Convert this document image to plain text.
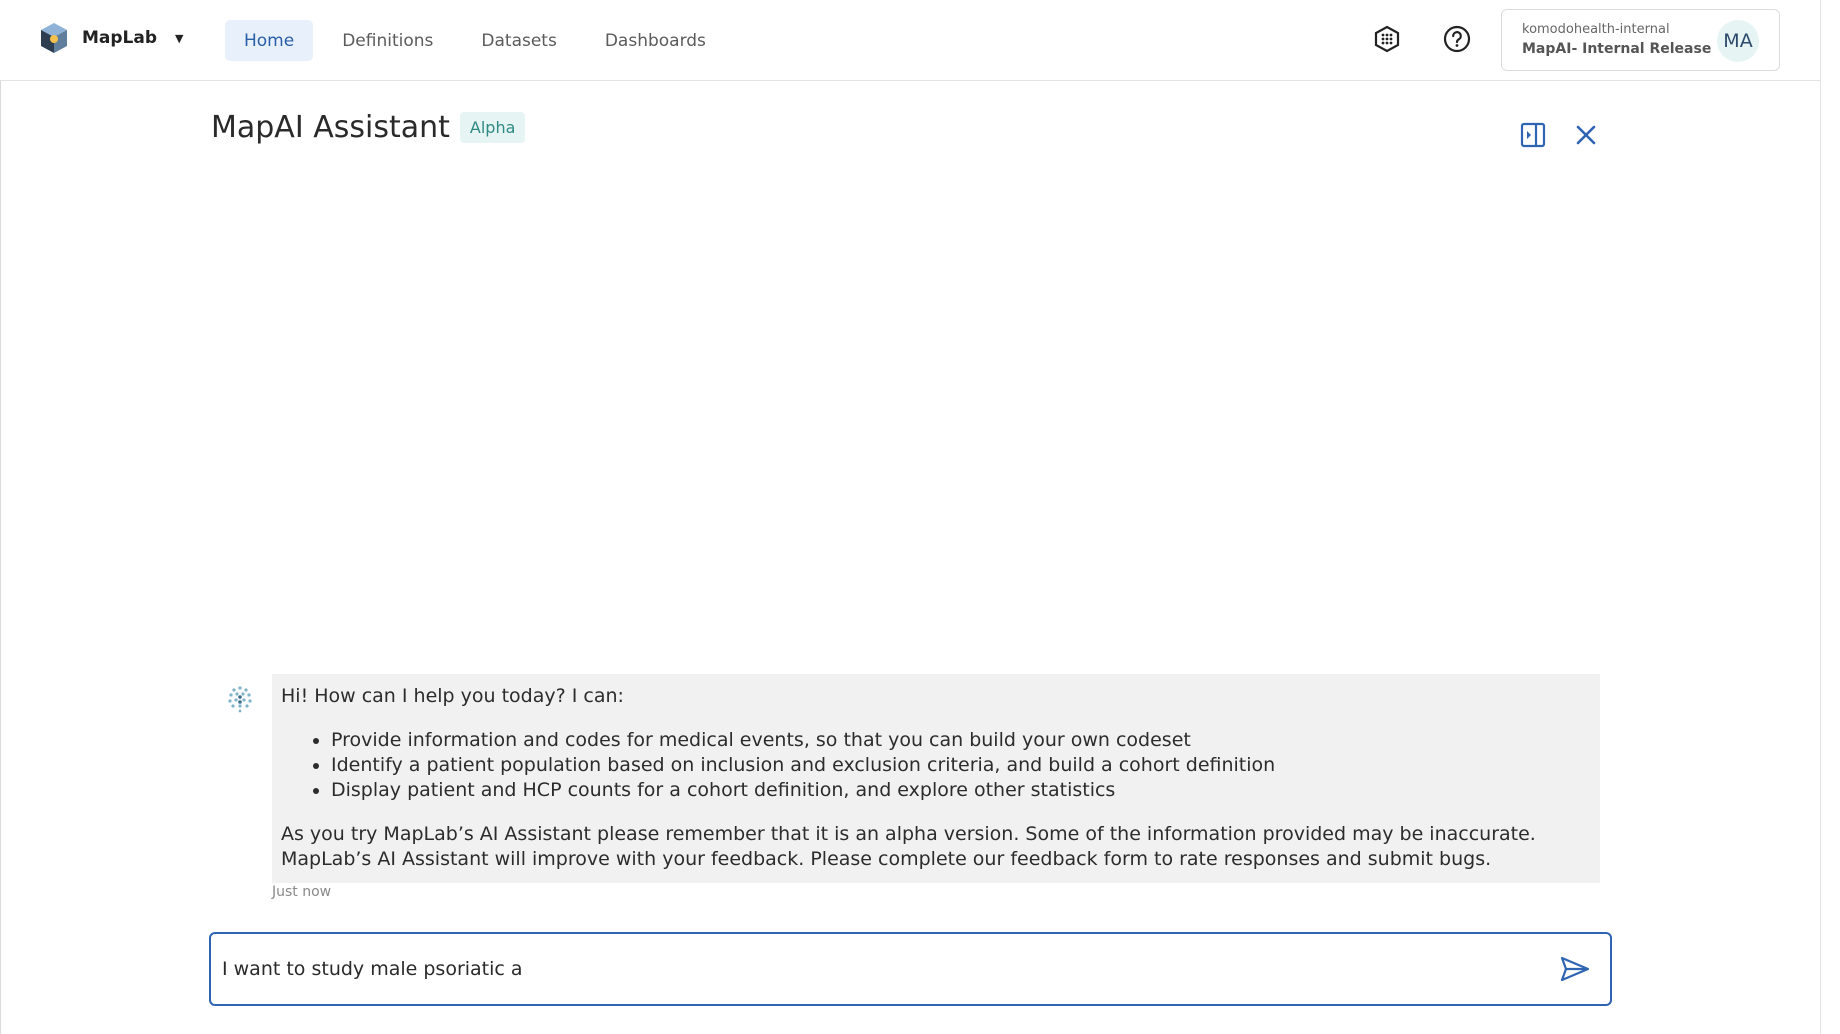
MapLab ▼	Home	Definitions	Datasets	Dashboards
komodohealth-internal
MapAI- Internal Release MA
MapAI Assistant	Alpha

Hi! How can I help you today? I can:

• Provide information and codes for medical events, so that you can build your own codeset
• Identify a patient population based on inclusion and exclusion criteria, and build a cohort definition
• Display patient and HCP counts for a cohort definition, and explore other statistics

As you try MapLab’s AI Assistant please remember that it is an alpha version. Some of the information provided may be inaccurate. MapLab’s AI Assistant will improve with your feedback. Please complete our feedback form to rate responses and submit bugs.

Just now
I want to study male psoriatic a
